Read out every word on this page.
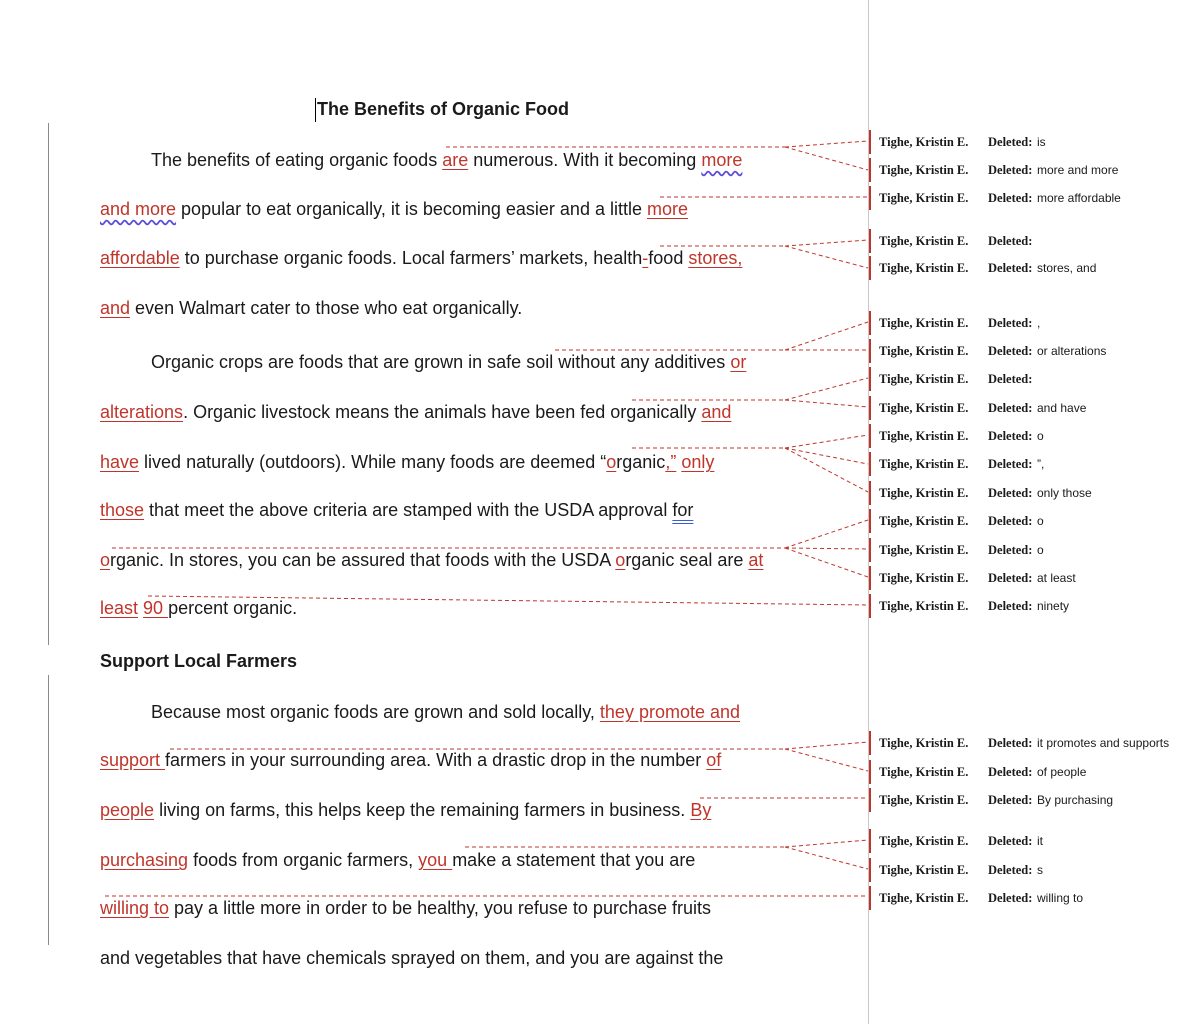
The Benefits of Organic Food
The benefits of eating organic foods are numerous. With it becoming more
and more popular to eat organically, it is becoming easier and a little more
affordable to purchase organic foods. Local farmers’ markets, health-food stores,
and even Walmart cater to those who eat organically.
Organic crops are foods that are grown in safe soil without any additives or
alterations. Organic livestock means the animals have been fed organically and
have lived naturally (outdoors). While many foods are deemed “organic,” only
those that meet the above criteria are stamped with the USDA approval for
organic. In stores, you can be assured that foods with the USDA organic seal are at
least 90 percent organic.
Support Local Farmers
Because most organic foods are grown and sold locally, they promote and
support farmers in your surrounding area. With a drastic drop in the number of
people living on farms, this helps keep the remaining farmers in business. By
purchasing foods from organic farmers, you make a statement that you are
willing to pay a little more in order to be healthy, you refuse to purchase fruits
and vegetables that have chemicals sprayed on them, and you are against the
Tighe, Kristin E. Deleted: is
Tighe, Kristin E. Deleted: more and more
Tighe, Kristin E. Deleted: more affordable
Tighe, Kristin E. Deleted:
Tighe, Kristin E. Deleted: stores, and
Tighe, Kristin E. Deleted: ,
Tighe, Kristin E. Deleted: or alterations
Tighe, Kristin E. Deleted:
Tighe, Kristin E. Deleted: and have
Tighe, Kristin E. Deleted: o
Tighe, Kristin E. Deleted: ”,
Tighe, Kristin E. Deleted: only those
Tighe, Kristin E. Deleted: o
Tighe, Kristin E. Deleted: o
Tighe, Kristin E. Deleted: at least
Tighe, Kristin E. Deleted: ninety
Tighe, Kristin E. Deleted: it promotes and supports
Tighe, Kristin E. Deleted: of people
Tighe, Kristin E. Deleted: By purchasing
Tighe, Kristin E. Deleted: it
Tighe, Kristin E. Deleted: s
Tighe, Kristin E. Deleted: willing to
